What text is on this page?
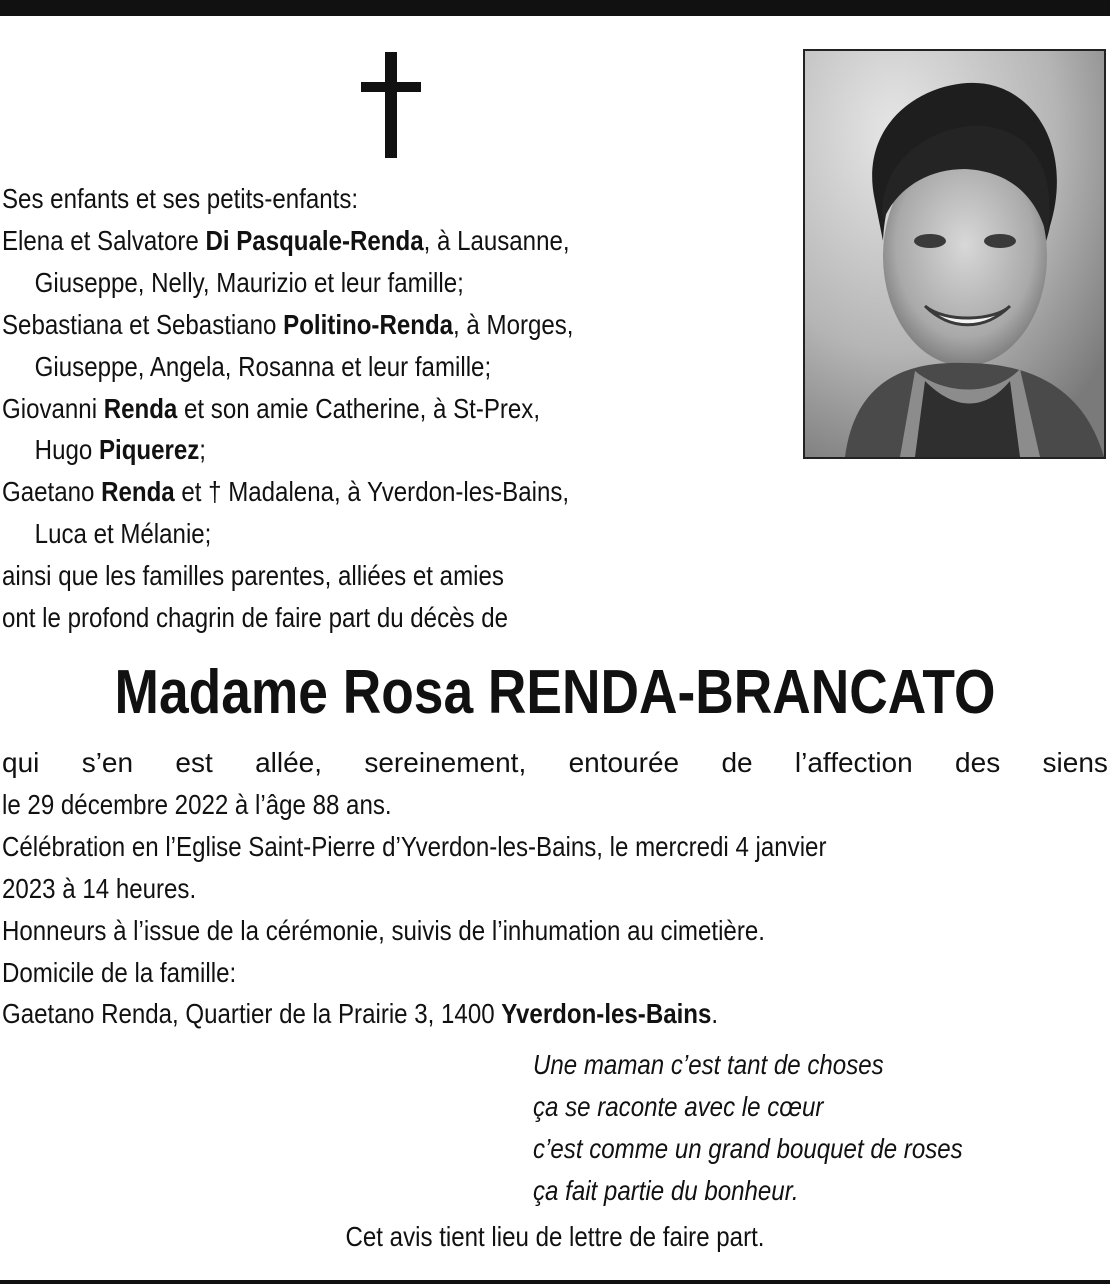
Ses enfants et ses petits-enfants:
Elena et Salvatore Di Pasquale-Renda, à Lausanne,
Giuseppe, Nelly, Maurizio et leur famille;
Sebastiana et Sebastiano Politino-Renda, à Morges,
Giuseppe, Angela, Rosanna et leur famille;
Giovanni Renda et son amie Catherine, à St-Prex,
Hugo Piquerez;
Gaetano Renda et † Madalena, à Yverdon-les-Bains,
Luca et Mélanie;
ainsi que les familles parentes, alliées et amies
ont le profond chagrin de faire part du décès de
Madame Rosa RENDA-BRANCATO
qui s’en est allée, sereinement, entourée de l’affection des siens
le 29 décembre 2022 à l’âge 88 ans.
Célébration en l’Eglise Saint-Pierre d’Yverdon-les-Bains, le mercredi 4 janvier
2023 à 14 heures.
Honneurs à l’issue de la cérémonie, suivis de l’inhumation au cimetière.
Domicile de la famille:
Gaetano Renda, Quartier de la Prairie 3, 1400 Yverdon-les-Bains.
Une maman c’est tant de choses
ça se raconte avec le cœur
c’est comme un grand bouquet de roses
ça fait partie du bonheur.
Cet avis tient lieu de lettre de faire part.
